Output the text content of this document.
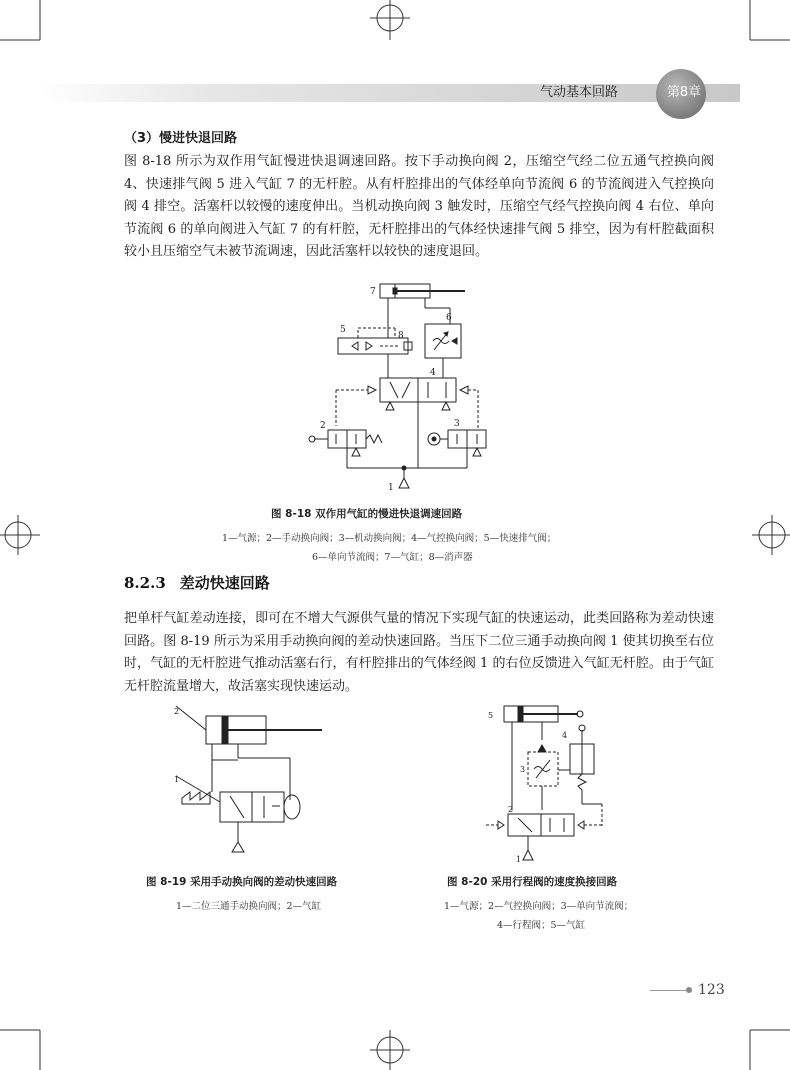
气动基本回路	第8章
（3）慢进快退回路

图 8-18 所示为双作用气缸慢进快退调速回路。按下手动换向阀 2，压缩空气经二位五通气控换向阀 4、快速排气阀 5 进入气缸 7 的无杆腔。从有杆腔排出的气体经单向节流阀 6 的节流阀进入气控换向阀 4 排空。活塞杆以较慢的速度伸出。当机动换向阀 3 触发时，压缩空气经气控换向阀 4 右位、单向节流阀 6 的单向阀进入气缸 7 的有杆腔，无杆腔排出的气体经快速排气阀 5 排空，因为有杆腔截面积较小且压缩空气未被节流调速，因此活塞杆以较快的速度退回。

7
5
8
6
4
2	3
1
图 8-18 双作用气缸的慢进快退调速回路
1—气源；2—手动换向阀；3—机动换向阀；4—气控换向阀；5—快速排气阀；
6—单向节流阀；7—气缸；8—消声器
8.2.3 差动快速回路

把单杆气缸差动连接，即可在不增大气源供气量的情况下实现气缸的快速运动，此类回路称为差动快速回路。图 8-19 所示为采用手动换向阀的差动快速回路。当压下二位三通手动换向阀 1 使其切换至右位时，气缸的无杆腔进气推动活塞右行，有杆腔排出的气体经阀 1 的右位反馈进入气缸无杆腔。由于气缸无杆腔流量增大，故活塞实现快速运动。

2
1
图 8-19 采用手动换向阀的差动快速回路
1—二位三通手动换向阀；2—气缸
5
4
3
2
1
图 8-20 采用行程阀的速度换接回路
1—气源；2—气控换向阀；3—单向节流阀；
4—行程阀；5—气缸
123
